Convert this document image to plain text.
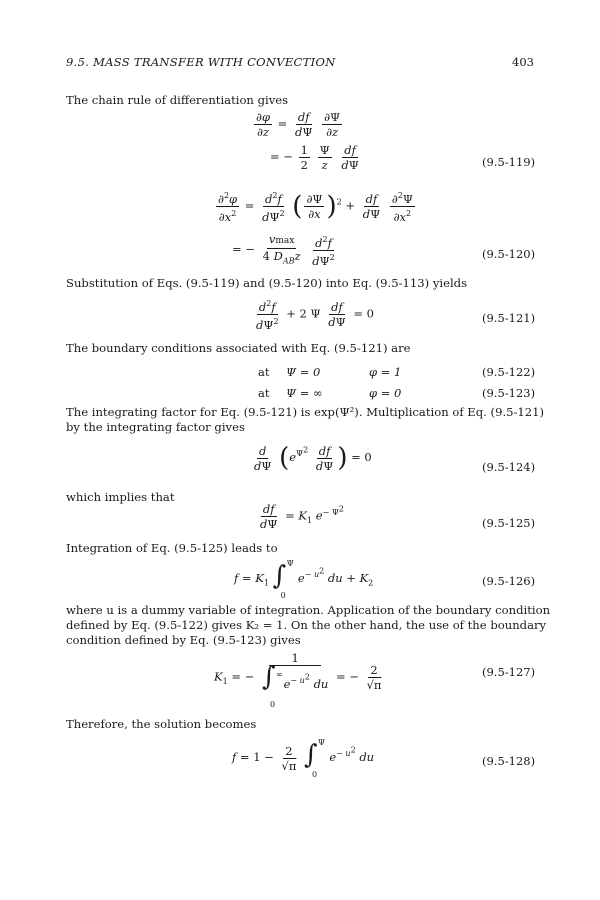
9.5. MASS TRANSFER WITH CONVECTION	403
The chain rule of differentiation gives
$\frac{\partial\varphi}{\partial z} = \frac{df}{d\Psi}$
$\frac{\partial\Psi}{\partial z}$
= − $\frac{1}{2}$
$\frac{\Psi}{z}$
$\frac{df}{d\Psi}$	(9.5-119)
$\frac{\partial^2\varphi}{\partial x^2} = \frac{d^2f}{d\Psi^2}$ ( $\frac{\partial\Psi}{\partial x} )^2 + \frac{df}{d\Psi}$
$\frac{\partial^2\Psi}{\partial x^2}$
= − $\frac{vmax}{4 D_{AB}z}$
$\frac{d^2f}{d\Psi^2}$	(9.5-120)
Substitution of Eqs. (9.5-119) and (9.5-120) into Eq. (9.5-113) yields
$\frac{d^2f}{d\Psi^2} + 2$ Ψ $\frac{df}{d\Psi} = 0$	(9.5-121)
The boundary conditions associated with Eq. (9.5-121) are
at Ψ = 0	φ = 1	(9.5-122)
at Ψ = ∞	φ = 0	(9.5-123)
The integrating factor for Eq. (9.5-121) is exp(Ψ²). Multiplication of Eq. (9.5-121)
by the integrating factor gives
$\frac{d}{d\Psi} (e^{\Psi^2} \frac{df}{d\Psi}$ ) = 0
(9.5-124)
which implies that
$\frac{df}{d\Psi} = K_1$ $e^{- \Psi^2}$
(9.5-125)
Integration of Eq. (9.5-125) leads to
$f = K_1$ ∫ Ψ
0
$e^{- u^2}$ du + $K_2$	(9.5-126)
where u is a dummy variable of integration. Application of the boundary condition
defined by Eq. (9.5-122) gives K₂ = 1. On the other hand, the use of the boundary
condition defined by Eq. (9.5-123) gives
$K_1$ = − 1
∫ ∞
0
$e^{- u^2}$ du = − $\frac{2}{√\pi}$	(9.5-127)
Therefore, the solution becomes
$f = 1 - \frac{2}{√\pi}$
∫ Ψ
0
$e^{- u^2}$ du	(9.5-128)
